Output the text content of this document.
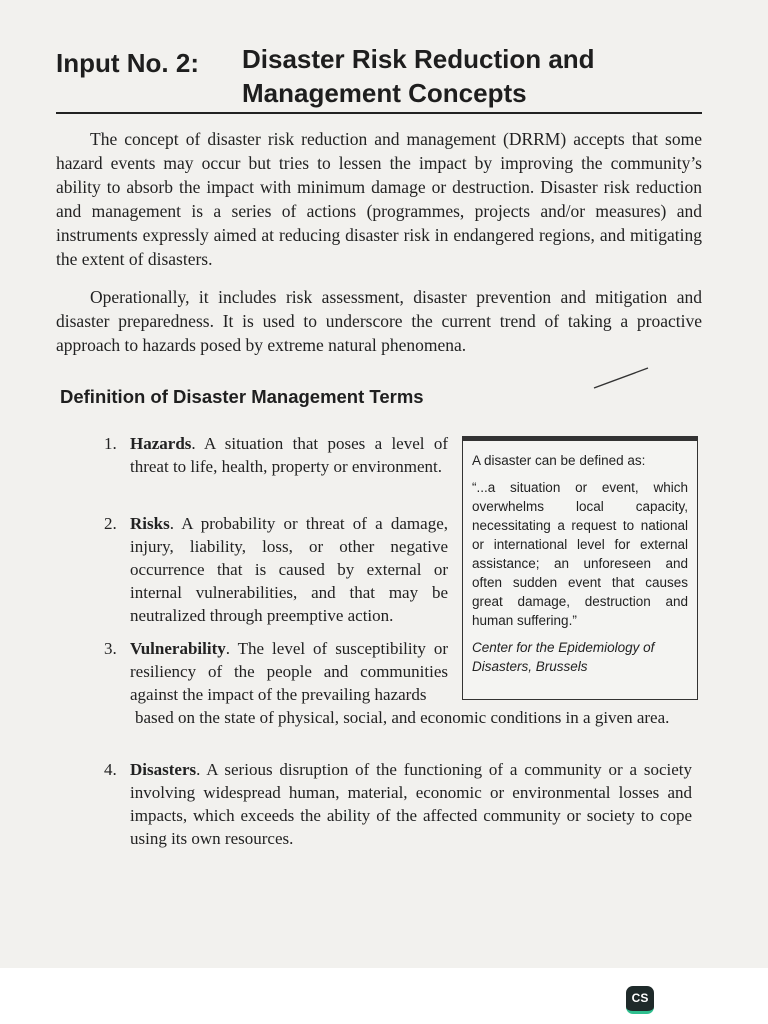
Input No. 2: Disaster Risk Reduction and
Management Concepts

The concept of disaster risk reduction and management (DRRM) accepts that some hazard events may occur but tries to lessen the impact by improving the community’s ability to absorb the impact with minimum damage or destruction. Disaster risk reduction and management is a series of actions (programmes, projects and/or measures) and instruments expressly aimed at reducing disaster risk in endangered regions, and mitigating the extent of disasters.

Operationally, it includes risk assessment, disaster prevention and mitigation and disaster preparedness. It is used to underscore the current trend of taking a proactive approach to hazards posed by extreme natural phenomena.

Definition of Disaster Management Terms
1. Hazards. A situation that poses a level of threat to life, health, property or environment.
2. Risks. A probability or threat of a damage, injury, liability, loss, or other negative occurrence that is caused by external or internal vulnerabilities, and that may be neutralized through preemptive action.
3. Vulnerability. The level of susceptibility or resiliency of the people and communities against the impact of the prevailing hazards
based on the state of physical, social, and economic conditions in a given area.
4. Disasters. A serious disruption of the functioning of a community or a society involving widespread human, material, economic or environmental losses and impacts, which exceeds the ability of the affected community or society to cope using its own resources.

A disaster can be defined as:

“...a situation or event, which overwhelms local capacity, necessitating a request to national or international level for external assistance; an unforeseen and often sudden event that causes great damage, destruction and human suffering.”

Center for the Epidemiology of Disasters, Brussels

CS
